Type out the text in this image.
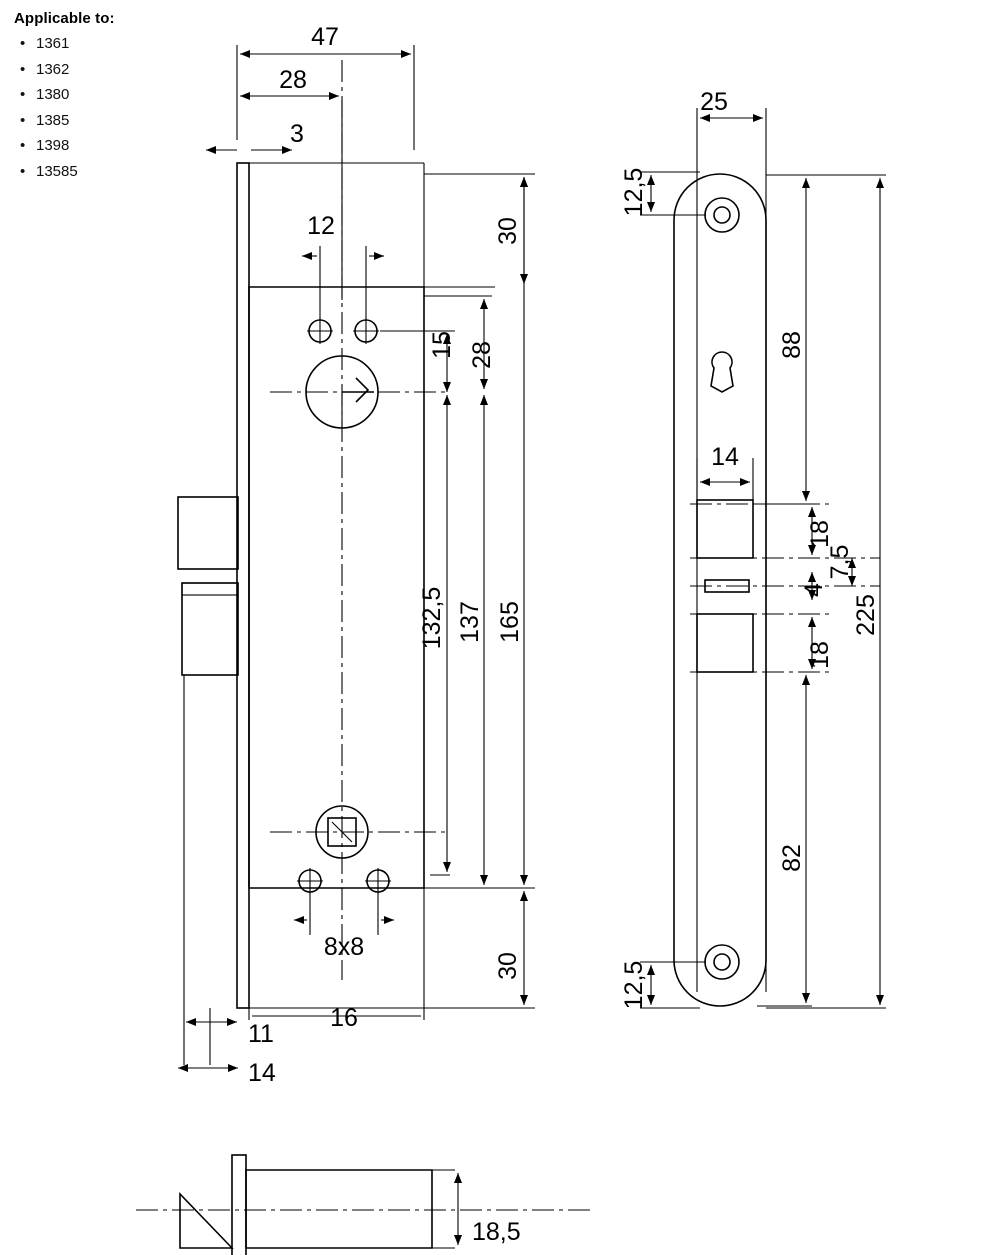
Applicable to:
• 1361
• 1362
• 1380
• 1385
• 1398
• 13585
47
28
3
12	30
15 28
132,5 137 165
8x8
30
16
11
14
25
12,5
88
14
18
7,5
4
18
82
225
12,5
18,5
